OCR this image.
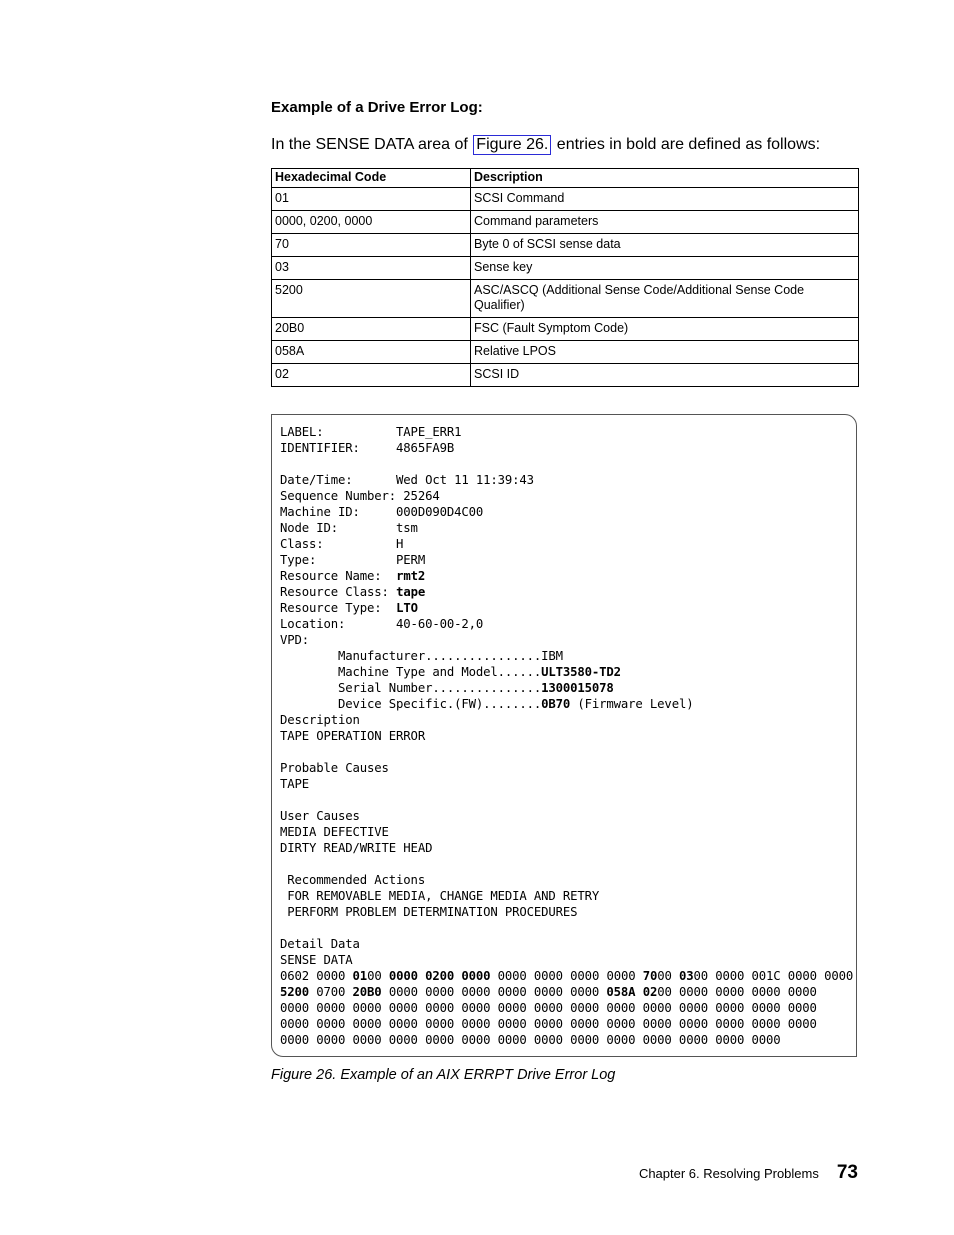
Example of a Drive Error Log:

In the SENSE DATA area of Figure 26. entries in bold are defined as follows:

Hexadecimal Code	Description
01	SCSI Command
0000, 0200, 0000	Command parameters
70	Byte 0 of SCSI sense data
03	Sense key
5200	ASC/ASCQ (Additional Sense Code/Additional Sense Code Qualifier)
20B0	FSC (Fault Symptom Code)
058A	Relative LPOS
02	SCSI ID
LABEL:          TAPE_ERR1
IDENTIFIER:     4865FA9B
Date/Time:      Wed Oct 11 11:39:43
Sequence Number: 25264
Machine ID:     000D090D4C00
Node ID:        tsm
Class:          H
Type:           PERM
Resource Name:  rmt2
Resource Class: tape
Resource Type:  LTO
Location:       40-60-00-2,0
VPD:
Manufacturer................IBM
Machine Type and Model......ULT3580-TD2
Serial Number...............1300015078
Device Specific.(FW)........0B70 (Firmware Level)
Description
TAPE OPERATION ERROR
Probable Causes
TAPE
User Causes
MEDIA DEFECTIVE
DIRTY READ/WRITE HEAD
Recommended Actions
FOR REMOVABLE MEDIA, CHANGE MEDIA AND RETRY
PERFORM PROBLEM DETERMINATION PROCEDURES
Detail Data
SENSE DATA
0602 0000 0100 0000 0200 0000 0000 0000 0000 0000 7000 0300 0000 001C 0000 0000
5200 0700 20B0 0000 0000 0000 0000 0000 0000 058A 0200 0000 0000 0000 0000
0000 0000 0000 0000 0000 0000 0000 0000 0000 0000 0000 0000 0000 0000 0000
0000 0000 0000 0000 0000 0000 0000 0000 0000 0000 0000 0000 0000 0000 0000
0000 0000 0000 0000 0000 0000 0000 0000 0000 0000 0000 0000 0000 0000

Figure 26. Example of an AIX ERRPT Drive Error Log

Chapter 6. Resolving Problems 73
